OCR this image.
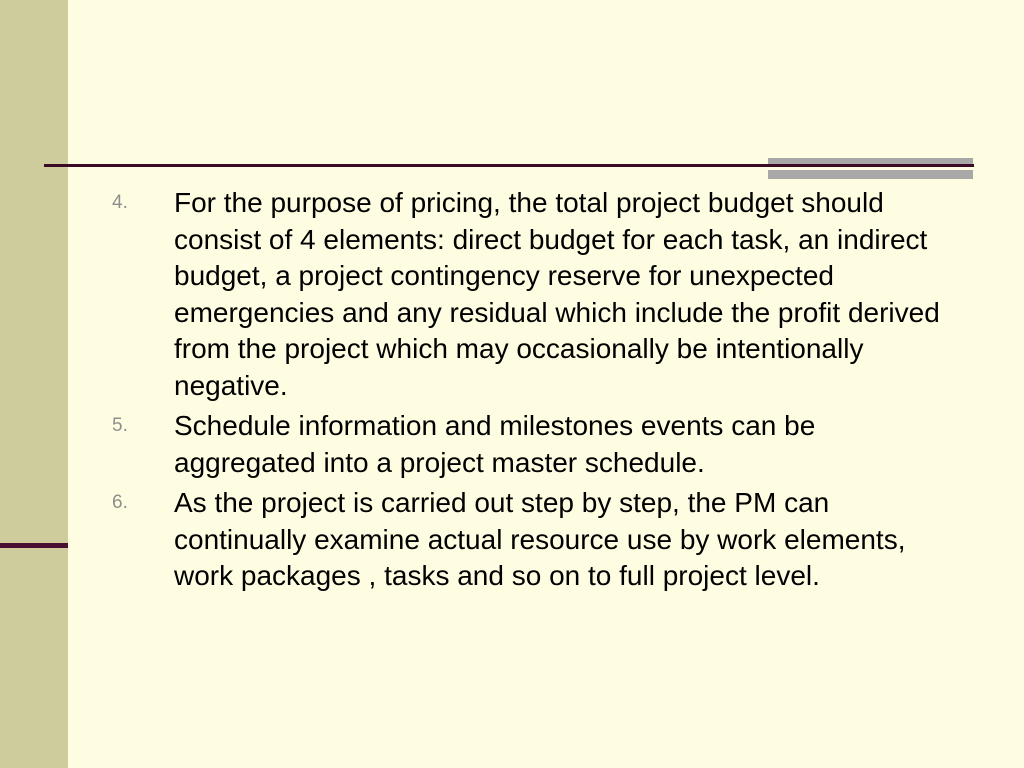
4. For the purpose of pricing, the total project budget should consist of 4 elements: direct budget for each task, an indirect budget, a project contingency reserve for unexpected emergencies and any residual which include the profit derived from the project which may occasionally be intentionally negative.
5. Schedule information and milestones events can be aggregated into a project master schedule.
6. As the project is carried out step by step, the PM can continually examine actual resource use by work elements, work packages , tasks and so on to full project level.
